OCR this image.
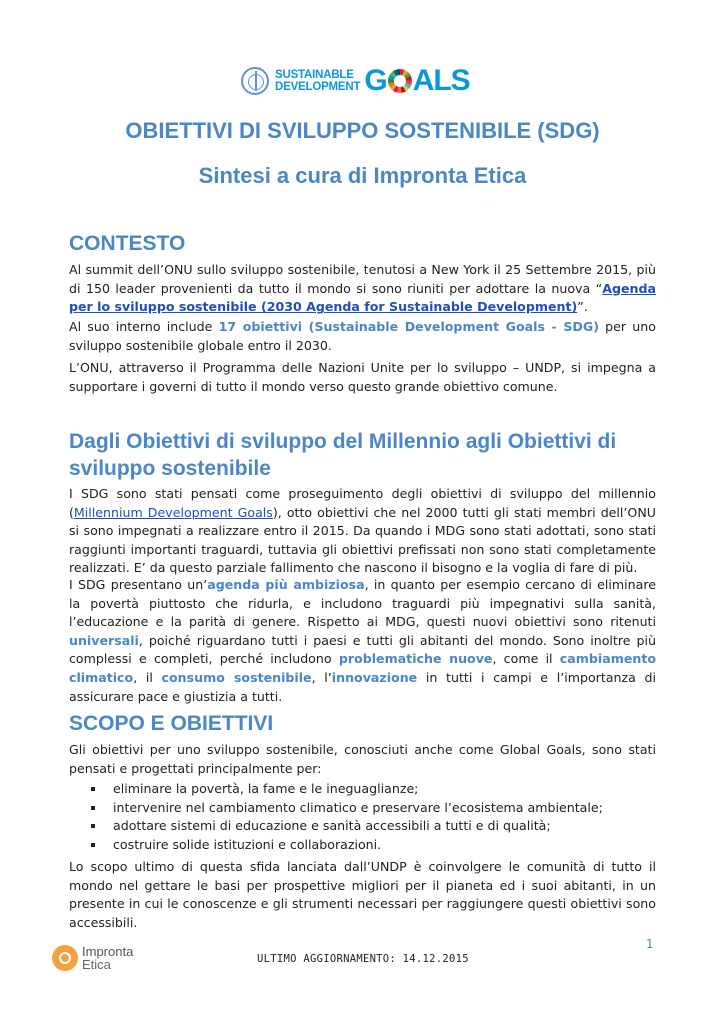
SUSTAINABLE
DEVELOPMENT G ALS
OBIETTIVI DI SVILUPPO SOSTENIBILE (SDG)
Sintesi a cura di Impronta Etica
CONTESTO

Al summit dell’ONU sullo sviluppo sostenibile, tenutosi a New York il 25 Settembre 2015, più di 150 leader provenienti da tutto il mondo si sono riuniti per adottare la nuova “Agenda per lo sviluppo sostenibile (2030 Agenda for Sustainable Development)”.

Al suo interno include 17 obiettivi (Sustainable Development Goals - SDG) per uno sviluppo sostenibile globale entro il 2030.

L’ONU, attraverso il Programma delle Nazioni Unite per lo sviluppo – UNDP, si impegna a supportare i governi di tutto il mondo verso questo grande obiettivo comune.

Dagli Obiettivi di sviluppo del Millennio agli Obiettivi di sviluppo sostenibile

I SDG sono stati pensati come proseguimento degli obiettivi di sviluppo del millennio (Millennium Development Goals), otto obiettivi che nel 2000 tutti gli stati membri dell’ONU si sono impegnati a realizzare entro il 2015. Da quando i MDG sono stati adottati, sono stati raggiunti importanti traguardi, tuttavia gli obiettivi prefissati non sono stati completamente realizzati. E’ da questo parziale fallimento che nascono il bisogno e la voglia di fare di più.

I SDG presentano un’agenda più ambiziosa, in quanto per esempio cercano di eliminare la povertà piuttosto che ridurla, e includono traguardi più impegnativi sulla sanità, l’educazione e la parità di genere. Rispetto ai MDG, questi nuovi obiettivi sono ritenuti universali, poiché riguardano tutti i paesi e tutti gli abitanti del mondo. Sono inoltre più complessi e completi, perché includono problematiche nuove, come il cambiamento climatico, il consumo sostenibile, l’innovazione in tutti i campi e l’importanza di assicurare pace e giustizia a tutti.

SCOPO E OBIETTIVI

Gli obiettivi per uno sviluppo sostenibile, conosciuti anche come Global Goals, sono stati pensati e progettati principalmente per:

eliminare la povertà, la fame e le ineguaglianze;
intervenire nel cambiamento climatico e preservare l’ecosistema ambientale;
adottare sistemi di educazione e sanità accessibili a tutti e di qualità;
costruire solide istituzioni e collaborazioni.

Lo scopo ultimo di questa sfida lanciata dall’UNDP è coinvolgere le comunità di tutto il mondo nel gettare le basi per prospettive migliori per il pianeta ed i suoi abitanti, in un presente in cui le conoscenze e gli strumenti necessari per raggiungere questi obiettivi sono accessibili.

Impronta
Etica	ULTIMO AGGIORNAMENTO: 14.12.2015
1
